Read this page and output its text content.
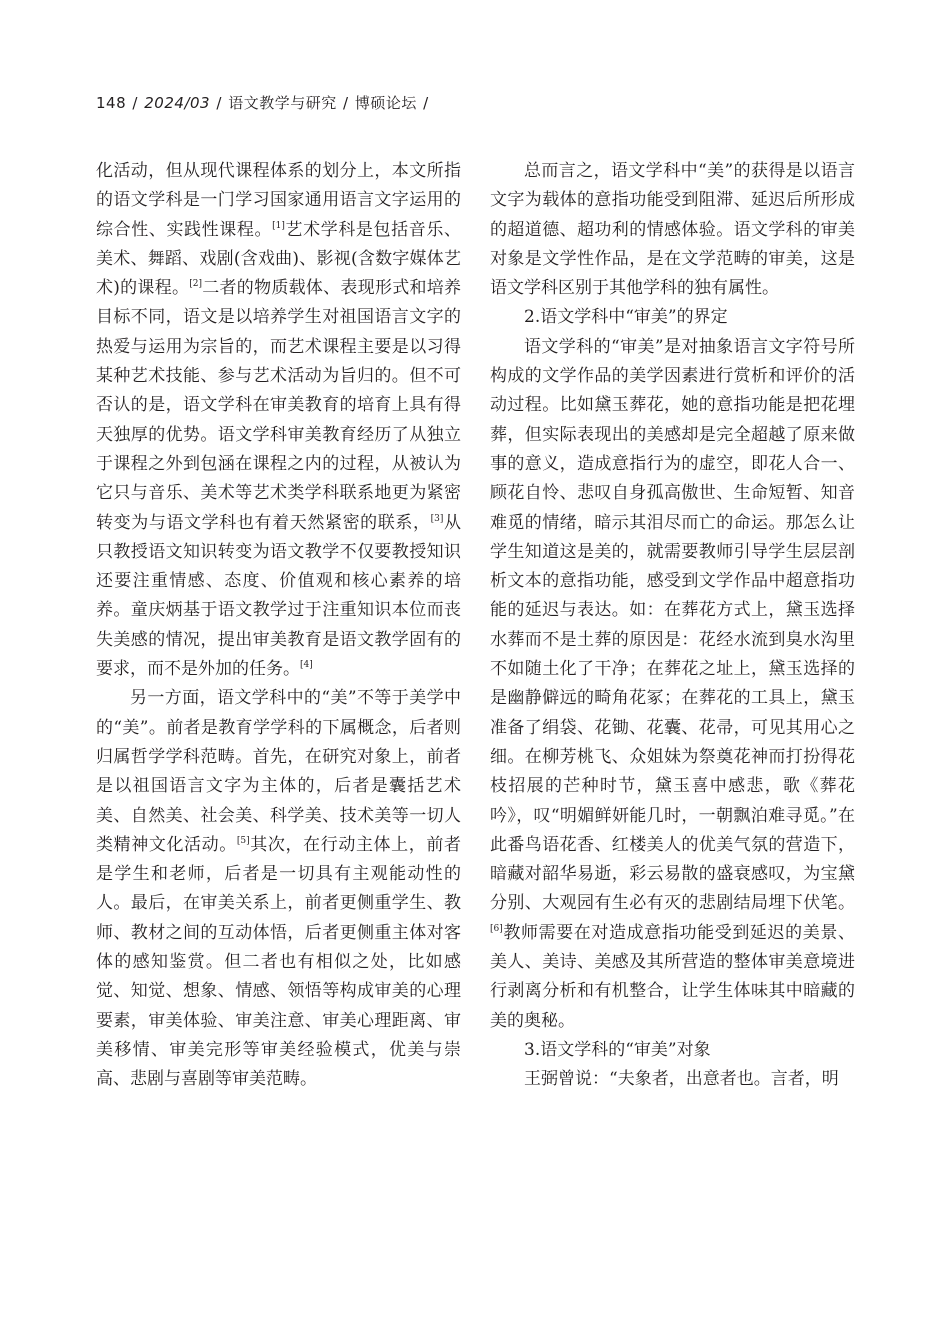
148 / 2024/03 / 语文教学与研究 / 博硕论坛 /

化活动，但从现代课程体系的划分上，本文所指的语文学科是一门学习国家通用语言文字运用的综合性、实践性课程。[1]艺术学科是包括音乐、美术、舞蹈、戏剧(含戏曲)、影视(含数字媒体艺术)的课程。[2]二者的物质载体、表现形式和培养目标不同，语文是以培养学生对祖国语言文字的热爱与运用为宗旨的，而艺术课程主要是以习得某种艺术技能、参与艺术活动为旨归的。但不可否认的是，语文学科在审美教育的培育上具有得天独厚的优势。语文学科审美教育经历了从独立于课程之外到包涵在课程之内的过程，从被认为它只与音乐、美术等艺术类学科联系地更为紧密转变为与语文学科也有着天然紧密的联系，[3]从只教授语文知识转变为语文教学不仅要教授知识还要注重情感、态度、价值观和核心素养的培养。童庆炳基于语文教学过于注重知识本位而丧失美感的情况，提出审美教育是语文教学固有的要求，而不是外加的任务。[4]

另一方面，语文学科中的“美”不等于美学中的“美”。前者是教育学学科的下属概念，后者则归属哲学学科范畴。首先，在研究对象上，前者是以祖国语言文字为主体的，后者是囊括艺术美、自然美、社会美、科学美、技术美等一切人类精神文化活动。[5]其次，在行动主体上，前者是学生和老师，后者是一切具有主观能动性的人。最后，在审美关系上，前者更侧重学生、教师、教材之间的互动体悟，后者更侧重主体对客体的感知鉴赏。但二者也有相似之处，比如感觉、知觉、想象、情感、领悟等构成审美的心理要素，审美体验、审美注意、审美心理距离、审美移情、审美完形等审美经验模式，优美与崇高、悲剧与喜剧等审美范畴。

总而言之，语文学科中“美”的获得是以语言文字为载体的意指功能受到阻滞、延迟后所形成的超道德、超功利的情感体验。语文学科的审美对象是文学性作品，是在文学范畴的审美，这是语文学科区别于其他学科的独有属性。

2.语文学科中“审美”的界定

语文学科的“审美”是对抽象语言文字符号所构成的文学作品的美学因素进行赏析和评价的活动过程。比如黛玉葬花，她的意指功能是把花埋葬，但实际表现出的美感却是完全超越了原来做事的意义，造成意指行为的虚空，即花人合一、顾花自怜、悲叹自身孤高傲世、生命短暂、知音难觅的情绪，暗示其泪尽而亡的命运。那怎么让学生知道这是美的，就需要教师引导学生层层剖析文本的意指功能，感受到文学作品中超意指功能的延迟与表达。如：在葬花方式上，黛玉选择水葬而不是土葬的原因是：花经水流到臭水沟里不如随土化了干净；在葬花之址上，黛玉选择的是幽静僻远的畸角花冢；在葬花的工具上，黛玉准备了绢袋、花锄、花囊、花帚，可见其用心之细。在柳芳桃飞、众姐妹为祭奠花神而打扮得花枝招展的芒种时节，黛玉喜中感悲，歌《葬花吟》，叹“明媚鲜妍能几时，一朝飘泊难寻觅。”在此番鸟语花香、红楼美人的优美气氛的营造下，暗藏对韶华易逝，彩云易散的盛衰感叹，为宝黛分别、大观园有生必有灭的悲剧结局埋下伏笔。[6]教师需要在对造成意指功能受到延迟的美景、美人、美诗、美感及其所营造的整体审美意境进行剥离分析和有机整合，让学生体味其中暗藏的美的奥秘。

3.语文学科的“审美”对象

王弼曾说：“夫象者，出意者也。言者，明
